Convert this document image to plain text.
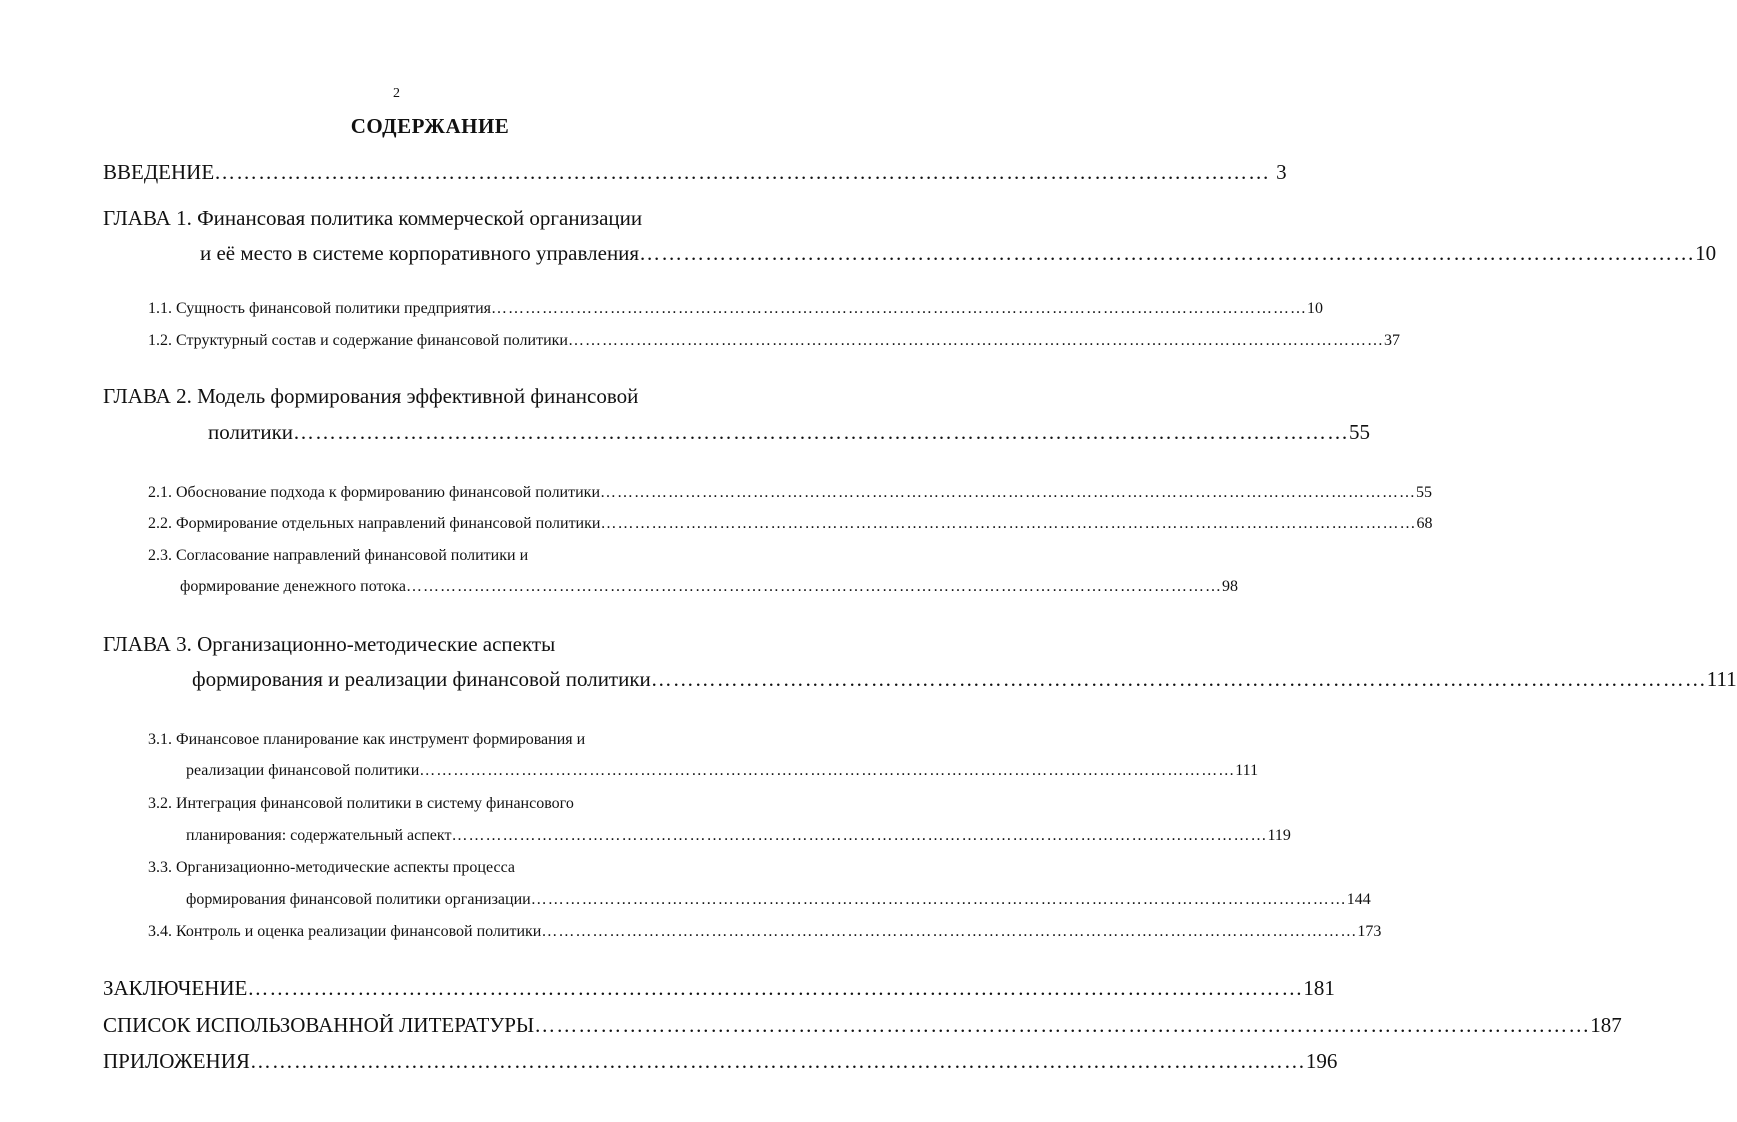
2
СОДЕРЖАНИЕ
ВВЕДЕНИЕ ……………………………………………………………………………………………………………………………… 3
ГЛАВА 1. Финансовая политика коммерческой организации
и её место в системе корпоративного управления ……………………………………………………………………………………………………………………………… 10
1.1. Сущность финансовой политики предприятия ……………………………………………………………………………………………………………………………… 10
1.2. Структурный состав и содержание финансовой политики ……………………………………………………………………………………………………………………………… 37
ГЛАВА 2. Модель формирования эффективной финансовой
политики ……………………………………………………………………………………………………………………………… 55
2.1. Обоснование подхода к формированию финансовой политики ……………………………………………………………………………………………………………………………… 55
2.2. Формирование отдельных направлений финансовой политики ……………………………………………………………………………………………………………………………… 68
2.3. Согласование направлений финансовой политики и
формирование денежного потока ……………………………………………………………………………………………………………………………… 98
ГЛАВА 3. Организационно-методические аспекты
формирования и реализации финансовой политики ……………………………………………………………………………………………………………………………… 111
3.1. Финансовое планирование как инструмент формирования и
реализации финансовой политики ……………………………………………………………………………………………………………………………… 111
3.2. Интеграция финансовой политики в систему финансового
планирования: содержательный аспект ……………………………………………………………………………………………………………………………… 119
3.3. Организационно-методические аспекты процесса
формирования финансовой политики организации ……………………………………………………………………………………………………………………………… 144
3.4. Контроль и оценка реализации финансовой политики ……………………………………………………………………………………………………………………………… 173
ЗАКЛЮЧЕНИЕ ……………………………………………………………………………………………………………………………… 181
СПИСОК ИСПОЛЬЗОВАННОЙ ЛИТЕРАТУРЫ ……………………………………………………………………………………………………………………………… 187
ПРИЛОЖЕНИЯ ……………………………………………………………………………………………………………………………… 196
